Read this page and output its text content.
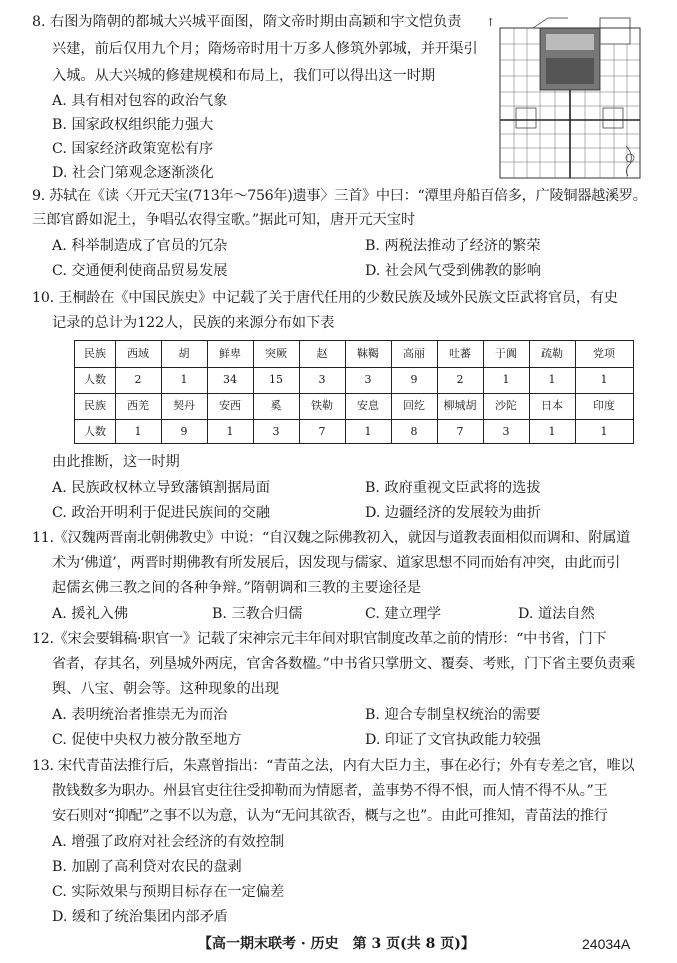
8. 右图为隋朝的都城大兴城平面图，隋文帝时期由高颖和宇文恺负责
兴建，前后仅用九个月；隋炀帝时用十万多人修筑外郭城，并开渠引
入城。从大兴城的修建规模和布局上，我们可以得出这一时期
A. 具有相对包容的政治气象
B. 国家政权组织能力强大
C. 国家经济政策宽松有序
D. 社会门第观念逐渐淡化
↑
9. 苏轼在《读〈开元天宝(713年～756年)遗事〉三首》中曰：“潭里舟船百倍多，广陵铜器越溪罗。
三郎官爵如泥土，争唱弘农得宝歌。”据此可知，唐开元天宝时
A. 科举制造成了官员的冗杂	B. 两税法推动了经济的繁荣
C. 交通便利使商品贸易发展	D. 社会风气受到佛教的影响
10. 王桐龄在《中国民族史》中记载了关于唐代任用的少数民族及域外民族文臣武将官员，有史
记录的总计为122人，民族的来源分布如下表
民族	西域	胡	鲜卑	突厥	赵	靺鞨	高丽	吐蕃	于阗	疏勒	党项
人数	2	1	34	15	3	3	9	2	1	1	1
民族	西羌	契丹	安西	奚	铁勒	安息	回纥	柳城胡	沙陀	日本	印度
人数	1	9	1	3	7	1	8	7	3	1	1
由此推断，这一时期
A. 民族政权林立导致藩镇割据局面	B. 政府重视文臣武将的选拔
C. 政治开明利于促进民族间的交融	D. 边疆经济的发展较为曲折
11.《汉魏两晋南北朝佛教史》中说：“自汉魏之际佛教初入，就因与道教表面相似而调和、附属道
术为‘佛道’，两晋时期佛教有所发展后，因发现与儒家、道家思想不同而始有冲突，由此而引
起儒玄佛三教之间的各种争辩。”隋朝调和三教的主要途径是
A. 援礼入佛	B. 三教合归儒	C. 建立理学	D. 道法自然
12.《宋会要辑稿·职官一》记载了宋神宗元丰年间对职官制度改革之前的情形：“中书省，门下
省者，存其名，列垦城外两庑，官舍各数楹。”中书省只掌册文、覆奏、考账，门下省主要负责乘
舆、八宝、朝会等。这种现象的出现
A. 表明统治者推崇无为而治	B. 迎合专制皇权统治的需要
C. 促使中央权力被分散至地方	D. 印证了文官执政能力较强
13. 宋代青苗法推行后，朱熹曾指出：“青苗之法，内有大臣力主，事在必行；外有专差之官，唯以
散钱数多为职办。州县官吏往往受抑勒而为情愿者，盖事势不得不恨，而人情不得不从。”王
安石则对“抑配”之事不以为意，认为“无问其欲否，概与之也”。由此可推知，青苗法的推行
A. 增强了政府对社会经济的有效控制
B. 加剧了高利贷对农民的盘剥
C. 实际效果与预期目标存在一定偏差
D. 缓和了统治集团内部矛盾
【高一期末联考 · 历史　第 3 页(共 8 页)】	24034A
